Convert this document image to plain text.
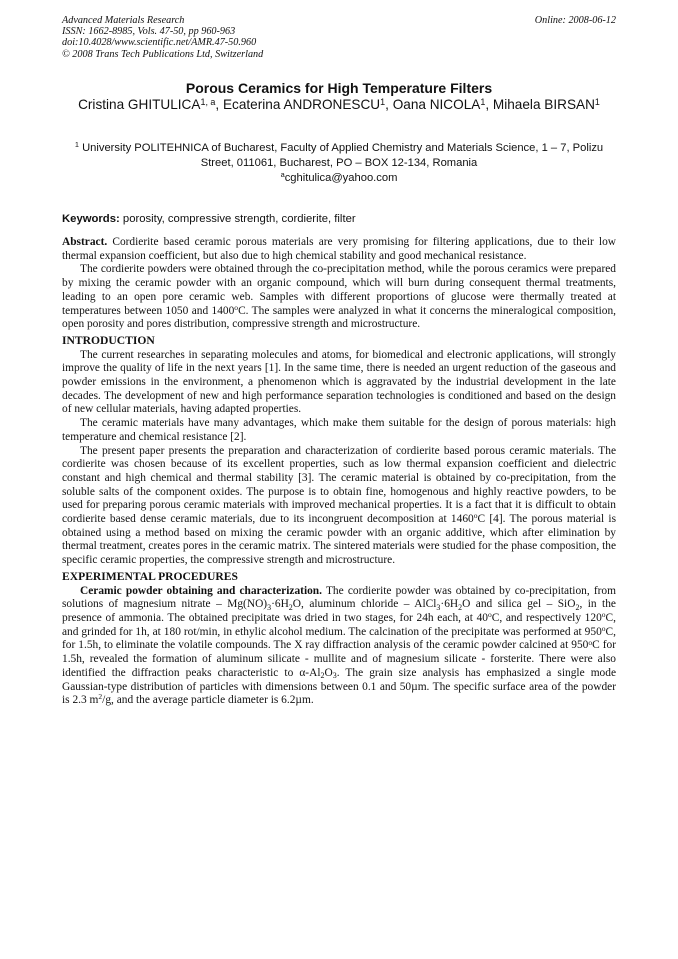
Advanced Materials Research
ISSN: 1662-8985, Vols. 47-50, pp 960-963
doi:10.4028/www.scientific.net/AMR.47-50.960
© 2008 Trans Tech Publications Ltd, Switzerland
Online: 2008-06-12
Porous Ceramics for High Temperature Filters
Cristina GHITULICA$^{1, a}$, Ecaterina ANDRONESCU$^1$, Oana NICOLA$^1$, Mihaela BIRSAN$^1$
$^1$ University POLITEHNICA of Bucharest, Faculty of Applied Chemistry and Materials Science, 1 – 7, Polizu Street, 011061, Bucharest, PO – BOX 12-134, Romania
$^a$cghitulica@yahoo.com
Keywords: porosity, compressive strength, cordierite, filter

Abstract. Cordierite based ceramic porous materials are very promising for filtering applications, due to their low thermal expansion coefficient, but also due to high chemical stability and good mechanical resistance.

The cordierite powders were obtained through the co-precipitation method, while the porous ceramics were prepared by mixing the ceramic powder with an organic compound, which will burn during consequent thermal treatments, leading to an open pore ceramic web. Samples with different proportions of glucose were thermally treated at temperatures between 1050 and 1400$^o$C. The samples were analyzed in what it concerns the mineralogical composition, open porosity and pores distribution, compressive strength and microstructure.

INTRODUCTION

The current researches in separating molecules and atoms, for biomedical and electronic applications, will strongly improve the quality of life in the next years [1]. In the same time, there is needed an urgent reduction of the gaseous and powder emissions in the environment, a phenomenon which is aggravated by the industrial development in the late decades. The development of new and high performance separation technologies is conditioned and based on the design of new cellular materials, having adapted properties.

The ceramic materials have many advantages, which make them suitable for the design of porous materials: high temperature and chemical resistance [2].

The present paper presents the preparation and characterization of cordierite based porous ceramic materials. The cordierite was chosen because of its excellent properties, such as low thermal expansion coefficient and dielectric constant and high chemical and thermal stability [3]. The ceramic material is obtained by co-precipitation, from the soluble salts of the component oxides. The purpose is to obtain fine, homogenous and highly reactive powders, to be used for preparing porous ceramic materials with improved mechanical properties. It is a fact that it is difficult to obtain cordierite based dense ceramic materials, due to its incongruent decomposition at 1460$^o$C [4]. The porous material is obtained using a method based on mixing the ceramic powder with an organic additive, which after elimination by thermal treatment, creates pores in the ceramic matrix. The sintered materials were studied for the phase composition, the specific ceramic properties, the compressive strength and microstructure.

EXPERIMENTAL PROCEDURES

Ceramic powder obtaining and characterization. The cordierite powder was obtained by co-precipitation, from solutions of magnesium nitrate – $Mg(NO)_3\cdot 6H_2O$, aluminum chloride – $AlCl_3\cdot 6H_2O$ and silica gel – SiO$_2$, in the presence of ammonia. The obtained precipitate was dried in two stages, for 24h each, at 40$^o$C, and respectively 120$^o$C, and grinded for 1h, at 180 rot/min, in ethylic alcohol medium. The calcination of the precipitate was performed at 950$^o$C, for 1.5h, to eliminate the volatile compounds. The X ray diffraction analysis of the ceramic powder calcined at 950$^o$C for 1.5h, revealed the formation of aluminum silicate - mullite and of magnesium silicate - forsterite. There were also identified the diffraction peaks characteristic to $\alpha-Al_2O_3$. The grain size analysis has emphasized a single mode Gaussian-type distribution of particles with dimensions between 0.1 and 50µm. The specific surface area of the powder is 2.3 $m^2/g$, and the average particle diameter is 6.2µm.
